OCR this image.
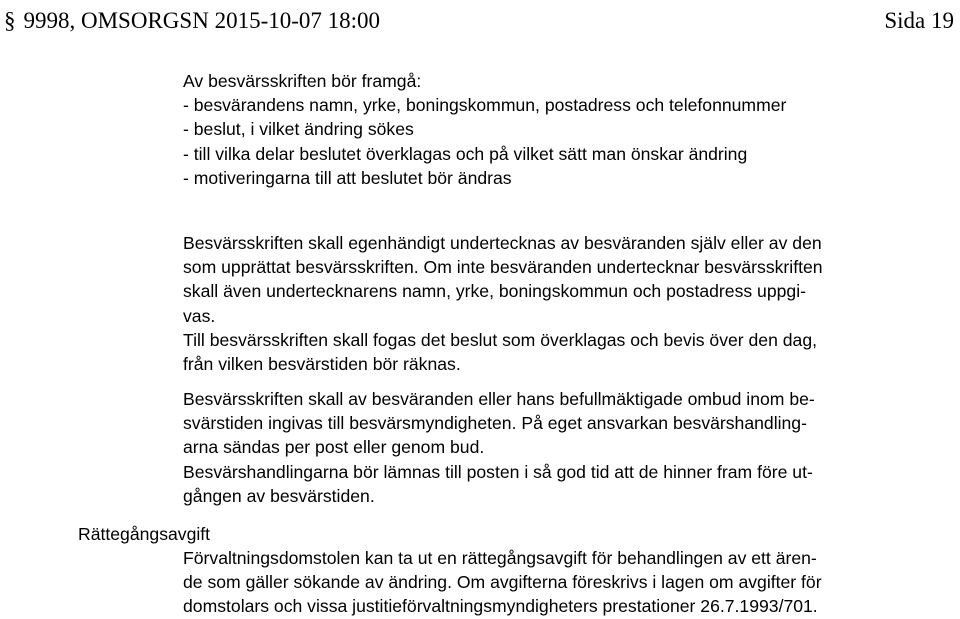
§ 9998, OMSORGSN 2015-10-07 18:00	Sida 19
Av besvärsskriften bör framgå:
- besvärandens namn, yrke, boningskommun, postadress och telefonnummer
- beslut, i vilket ändring sökes
- till vilka delar beslutet överklagas och på vilket sätt man önskar ändring
- motiveringarna till att beslutet bör ändras
Besvärsskriften skall egenhändigt undertecknas av besväranden själv eller av den
som upprättat besvärsskriften. Om inte besväranden undertecknar besvärsskriften
skall även undertecknarens namn, yrke, boningskommun och postadress uppgi-
vas.
Till besvärsskriften skall fogas det beslut som överklagas och bevis över den dag,
från vilken besvärstiden bör räknas.
Besvärsskriften skall av besväranden eller hans befullmäktigade ombud inom be-
svärstiden ingivas till besvärsmyndigheten. På eget ansvarkan besvärshandling-
arna sändas per post eller genom bud.
Besvärshandlingarna bör lämnas till posten i så god tid att de hinner fram före ut-
gången av besvärstiden.
Rättegångsavgift
Förvaltningsdomstolen kan ta ut en rättegångsavgift för behandlingen av ett ären-
de som gäller sökande av ändring. Om avgifterna föreskrivs i lagen om avgifter för
domstolars och vissa justitieförvaltningsmyndigheters prestationer 26.7.1993/701.
